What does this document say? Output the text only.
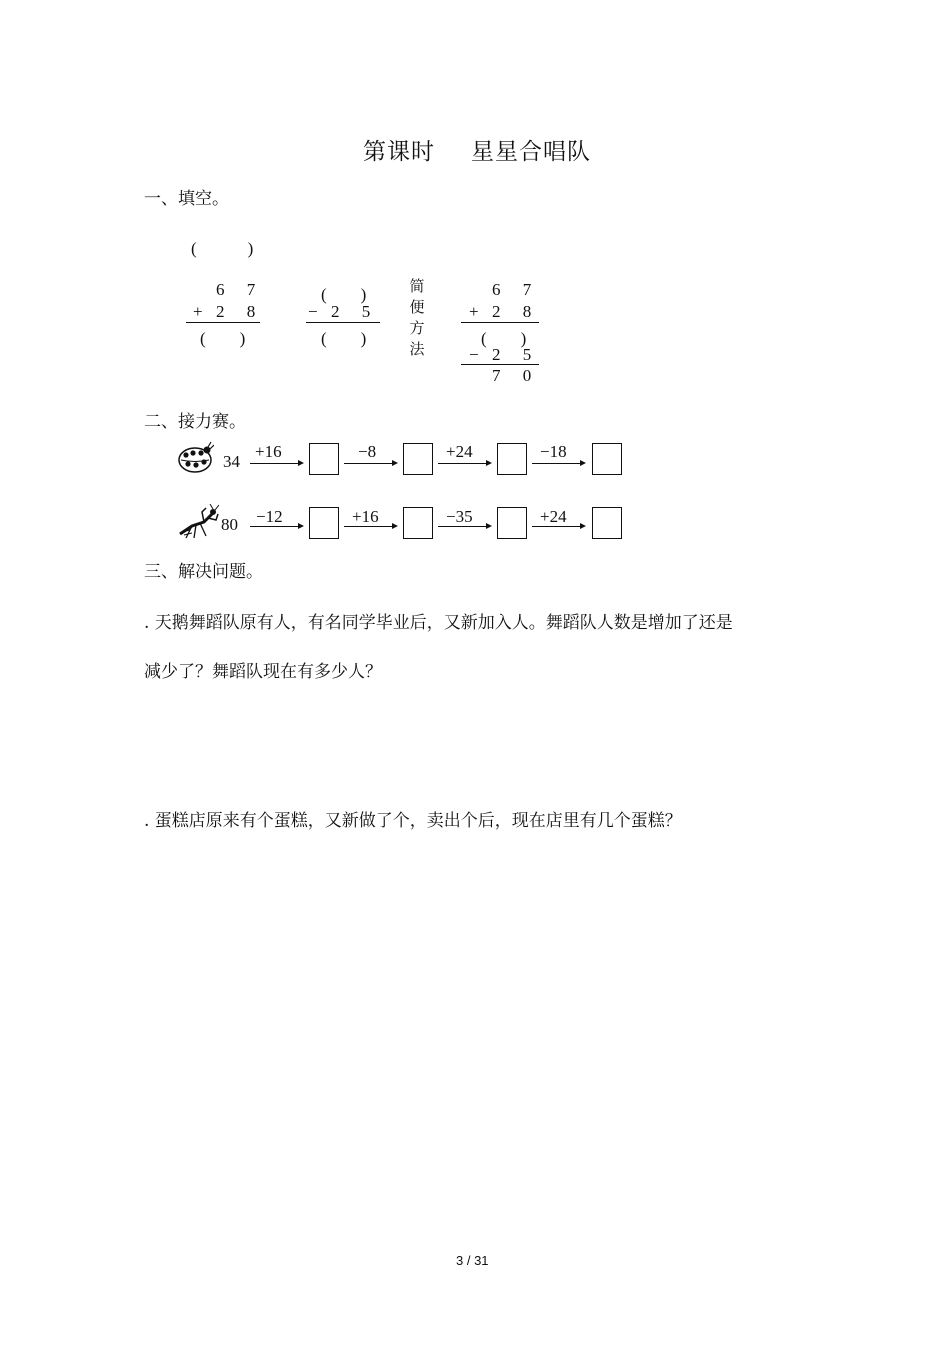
第课时 星星合唱队
一、填空。
(　　　)
6 7
+ 2 8
(　　)
(　　)
− 2 5
(　　)
简
便
方
法
6 7
+ 2 8
(　　)
− 2 5
7 0
二、接力赛。
34
+16	−8	+24	−18
80 −12	+16	−35	+24
三、解决问题。
. 天鹅舞蹈队原有人，有名同学毕业后，又新加入人。舞蹈队人数是增加了还是
减少了？舞蹈队现在有多少人？
. 蛋糕店原来有个蛋糕，又新做了个，卖出个后，现在店里有几个蛋糕？
3 / 31
